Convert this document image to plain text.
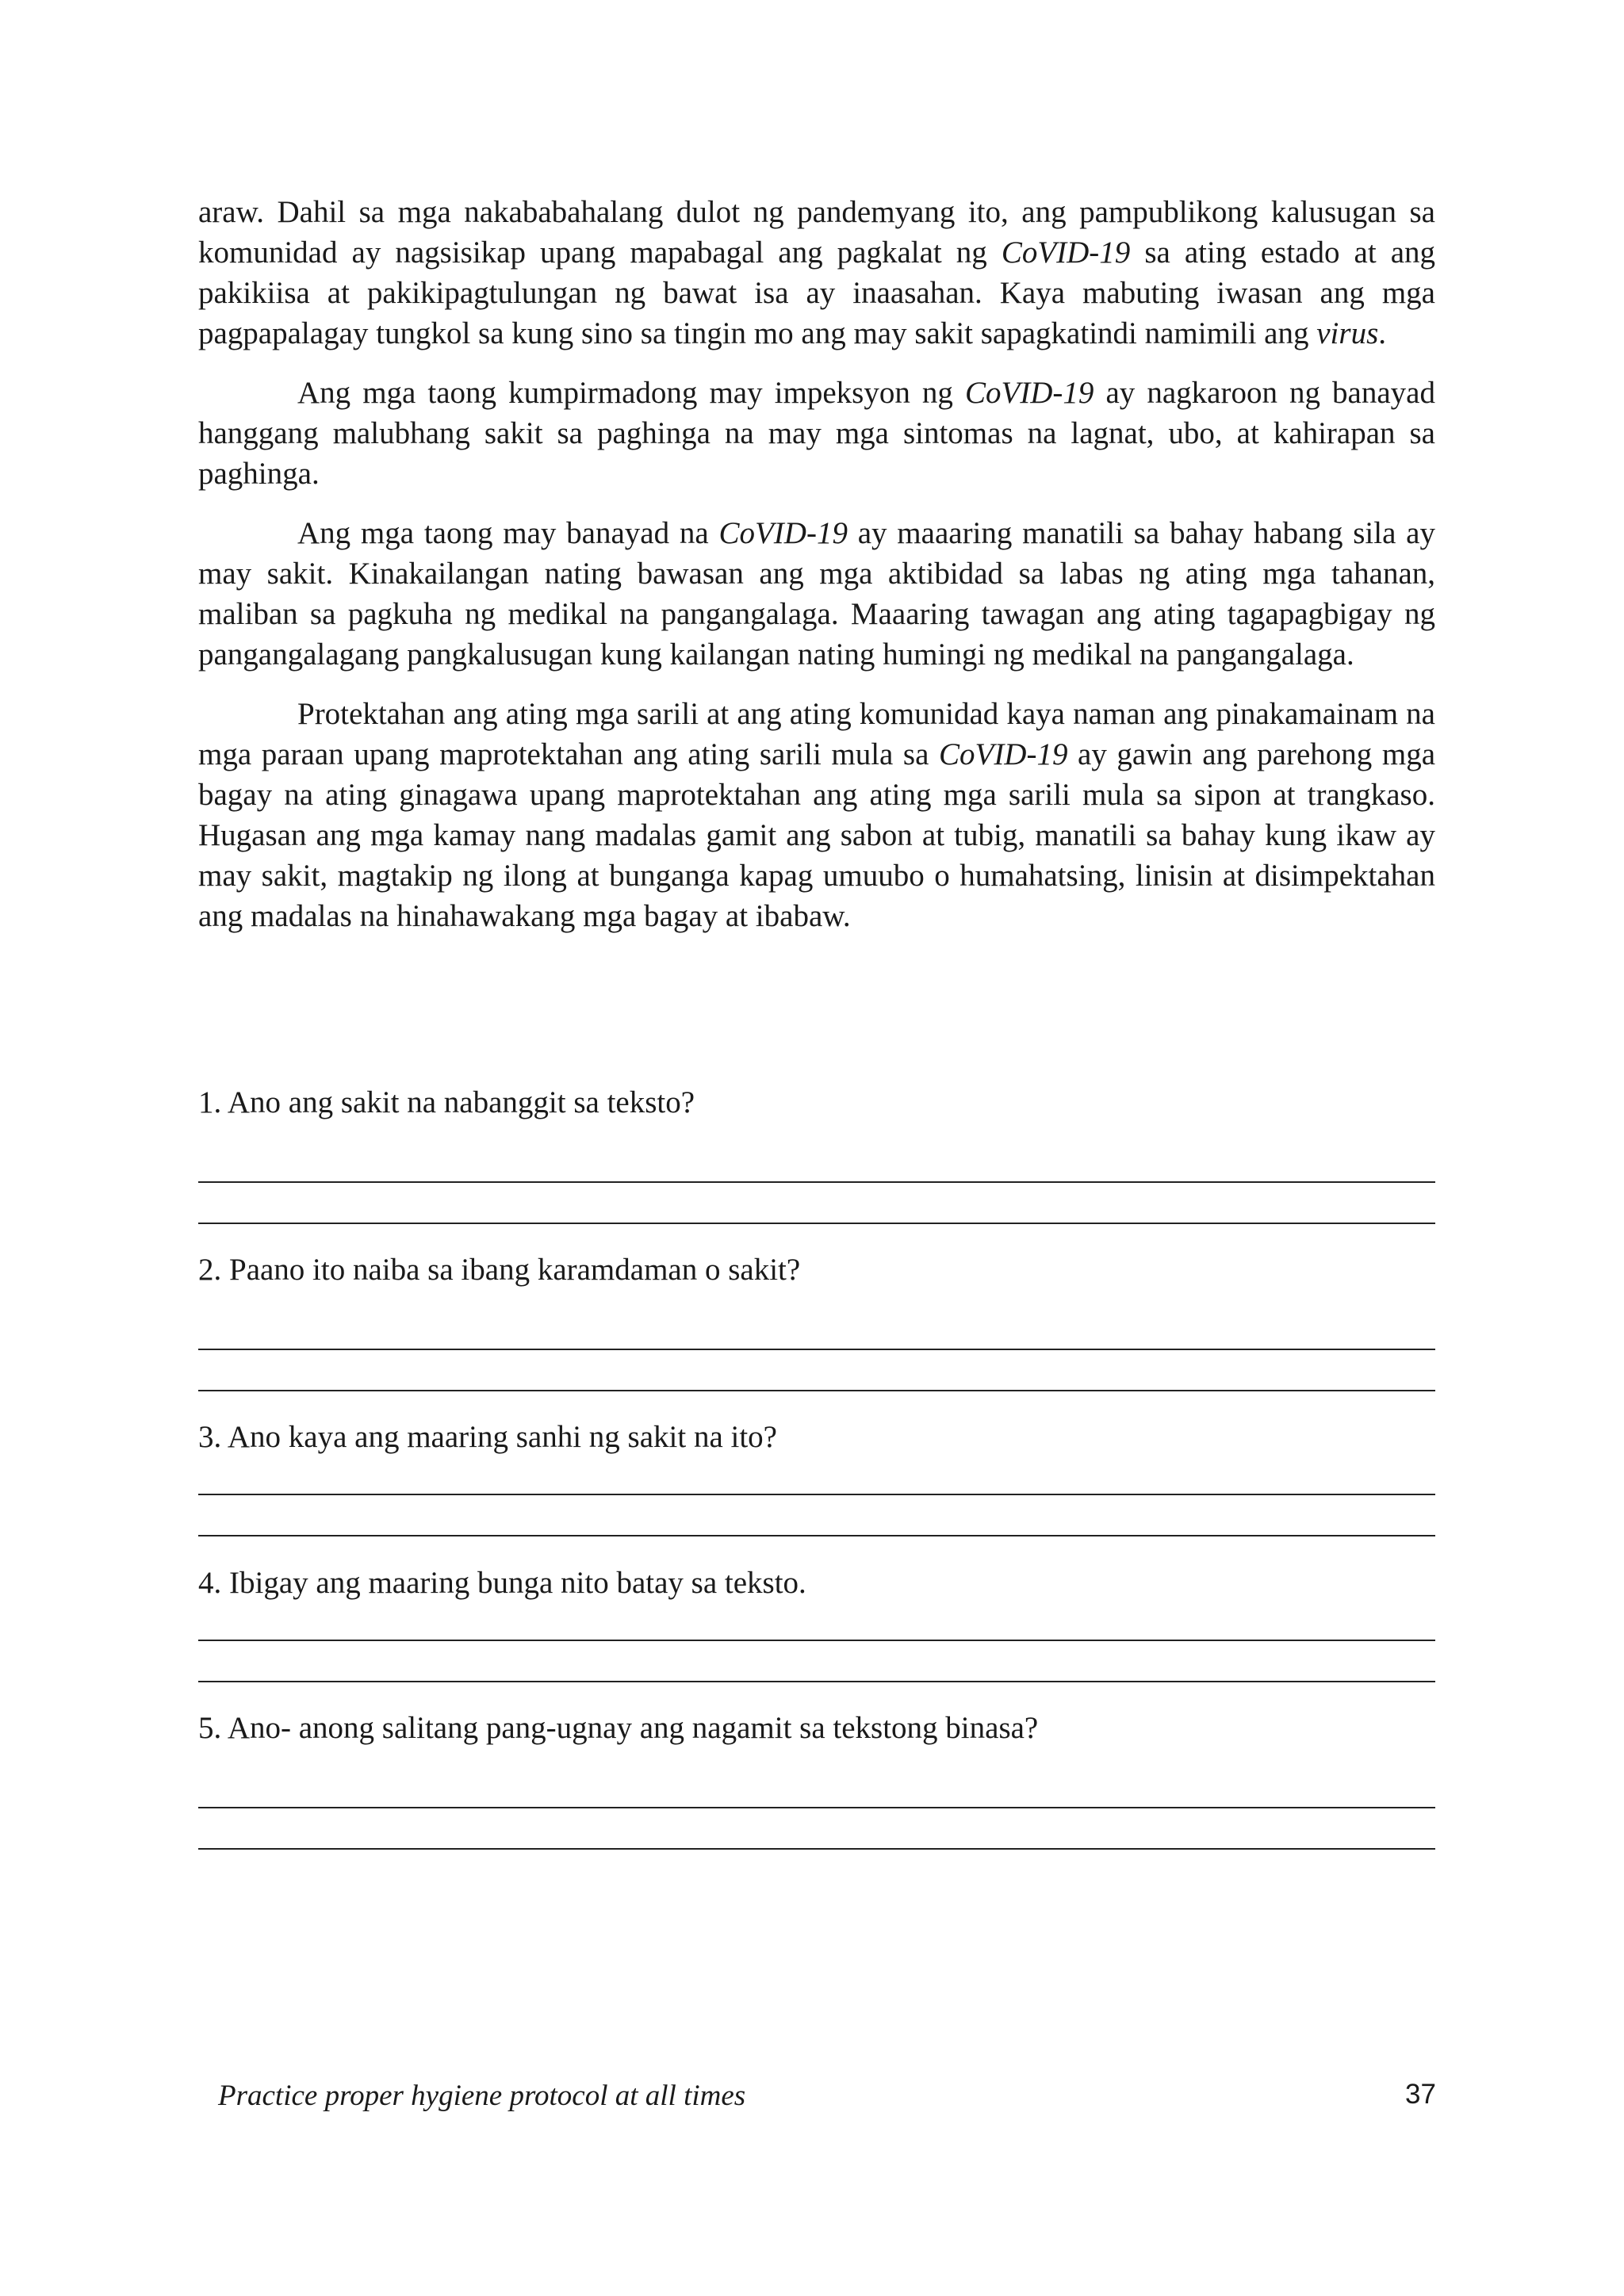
araw. Dahil sa mga nakababahalang dulot ng pandemyang ito, ang pampublikong kalusugan sa komunidad ay nagsisikap upang mapabagal ang pagkalat ng CoVID-19 sa ating estado at ang pakikiisa at pakikipagtulungan ng bawat isa ay inaasahan. Kaya mabuting iwasan ang mga pagpapalagay tungkol sa kung sino sa tingin mo ang may sakit sapagkatindi namimili ang virus.

Ang mga taong kumpirmadong may impeksyon ng CoVID-19 ay nagkaroon ng banayad hanggang malubhang sakit sa paghinga na may mga sintomas na lagnat, ubo, at kahirapan sa paghinga.

Ang mga taong may banayad na CoVID-19 ay maaaring manatili sa bahay habang sila ay may sakit. Kinakailangan nating bawasan ang mga aktibidad sa labas ng ating mga tahanan, maliban sa pagkuha ng medikal na pangangalaga. Maaaring tawagan ang ating tagapagbigay ng pangangalagang pangkalusugan kung kailangan nating humingi ng medikal na pangangalaga.

Protektahan ang ating mga sarili at ang ating komunidad kaya naman ang pinakamainam na mga paraan upang maprotektahan ang ating sarili mula sa CoVID-19 ay gawin ang parehong mga bagay na ating ginagawa upang maprotektahan ang ating mga sarili mula sa sipon at trangkaso. Hugasan ang mga kamay nang madalas gamit ang sabon at tubig, manatili sa bahay kung ikaw ay may sakit, magtakip ng ilong at bunganga kapag umuubo o humahatsing, linisin at disimpektahan ang madalas na hinahawakang mga bagay at ibabaw.

1. Ano ang sakit na nabanggit sa teksto?
2. Paano ito naiba sa ibang karamdaman o sakit?
3. Ano kaya ang maaring sanhi ng sakit na ito?
4. Ibigay ang maaring bunga nito batay sa teksto.
5. Ano- anong salitang pang-ugnay ang nagamit sa tekstong binasa?
Practice proper hygiene protocol at all times	37
